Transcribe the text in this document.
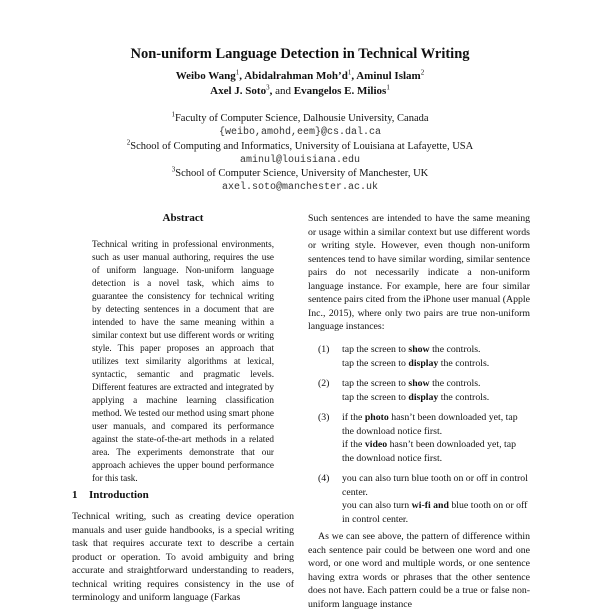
Non-uniform Language Detection in Technical Writing
Weibo Wang$^1$, Abidalrahman $Moh’d^1$, Aminul Islam$^2$
Axel J. Soto$^3$, and Evangelos E. Milios$^1$
$^1$Faculty of Computer Science, Dalhousie University, Canada
{weibo,amohd,eem}@cs.dal.ca
$^2$School of Computing and Informatics, University of Louisiana at Lafayette, USA
aminul@louisiana.edu
$^3$School of Computer Science, University of Manchester, UK
axel.soto@manchester.ac.uk
Abstract
Technical writing in professional environments, such as user manual authoring, requires the use of uniform language. Non-uniform language detection is a novel task, which aims to guarantee the consistency for technical writing by detecting sentences in a document that are intended to have the same meaning within a similar context but use different words or writing style. This paper proposes an approach that utilizes text similarity algorithms at lexical, syntactic, semantic and pragmatic levels. Different features are extracted and integrated by applying a machine learning classification method. We tested our method using smart phone user manuals, and compared its performance against the state-of-the-art methods in a related area. The experiments demonstrate that our approach achieves the upper bound performance for this task.
1 Introduction
Technical writing, such as creating device operation manuals and user guide handbooks, is a special writing task that requires accurate text to describe a certain product or operation. To avoid ambiguity and bring accurate and straightforward understanding to readers, technical writing requires consistency in the use of terminology and uniform language (Farkas
Such sentences are intended to have the same meaning or usage within a similar context but use different words or writing style. However, even though non-uniform sentences tend to have similar wording, similar sentence pairs do not necessarily indicate a non-uniform language instance. For example, here are four similar sentence pairs cited from the iPhone user manual (Apple Inc., 2015), where only two pairs are true non-uniform language instances:
(1) tap the screen to show the controls.
tap the screen to display the controls.
(2) tap the screen to show the controls.
tap the screen to display the controls.
(3) if the photo hasn’t been downloaded yet, tap the download notice first.
if the video hasn’t been downloaded yet, tap the download notice first.
(4) you can also turn blue tooth on or off in control center.
you can also turn wi-fi and blue tooth on or off in control center.
As we can see above, the pattern of difference within each sentence pair could be between one word and one word, or one word and multiple words, or one sentence having extra words or phrases that the other sentence does not have. Each pattern could be a true or false non-uniform language instance
